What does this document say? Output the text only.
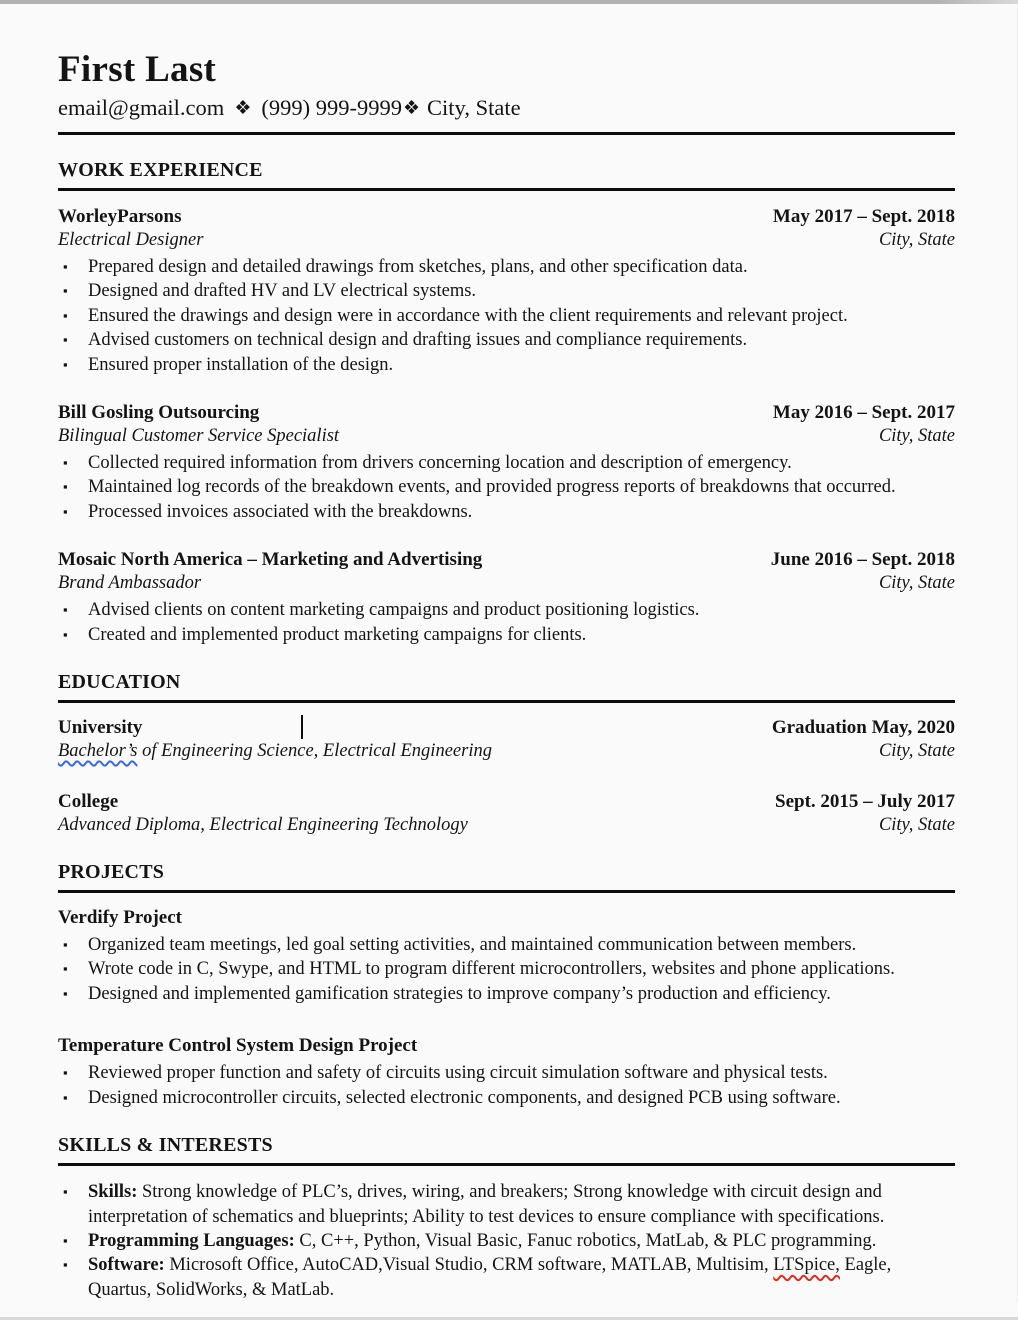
First Last
email@gmail.com ❖ (999) 999-9999❖ City, State
WORK EXPERIENCE
WorleyParsons	May 2017 – Sept. 2018
Electrical Designer	City, State
▪ Prepared design and detailed drawings from sketches, plans, and other specification data.
▪ Designed and drafted HV and LV electrical systems.
▪ Ensured the drawings and design were in accordance with the client requirements and relevant project.
▪ Advised customers on technical design and drafting issues and compliance requirements.
▪ Ensured proper installation of the design.
Bill Gosling Outsourcing	May 2016 – Sept. 2017
Bilingual Customer Service Specialist	City, State
▪ Collected required information from drivers concerning location and description of emergency.
▪ Maintained log records of the breakdown events, and provided progress reports of breakdowns that occurred.
▪ Processed invoices associated with the breakdowns.
Mosaic North America – Marketing and Advertising	June 2016 – Sept. 2018
Brand Ambassador	City, State
▪ Advised clients on content marketing campaigns and product positioning logistics.
▪ Created and implemented product marketing campaigns for clients.
EDUCATION
University	Graduation May, 2020
Bachelor’s of Engineering Science, Electrical Engineering	City, State
College	Sept. 2015 – July 2017
Advanced Diploma, Electrical Engineering Technology	City, State
PROJECTS

Verdify Project

▪ Organized team meetings, led goal setting activities, and maintained communication between members.
▪ Wrote code in C, Swype, and HTML to program different microcontrollers, websites and phone applications.
▪ Designed and implemented gamification strategies to improve company’s production and efficiency.

Temperature Control System Design Project

▪ Reviewed proper function and safety of circuits using circuit simulation software and physical tests.
▪ Designed microcontroller circuits, selected electronic components, and designed PCB using software.
SKILLS & INTERESTS
▪ Skills: Strong knowledge of PLC’s, drives, wiring, and breakers; Strong knowledge with circuit design and interpretation of schematics and blueprints; Ability to test devices to ensure compliance with specifications.
▪ Programming Languages: C, C++, Python, Visual Basic, Fanuc robotics, MatLab, & PLC programming.
▪ Software: Microsoft Office, AutoCAD,Visual Studio, CRM software, MATLAB, Multisim, LTSpice, Eagle, Quartus, SolidWorks, & MatLab.
